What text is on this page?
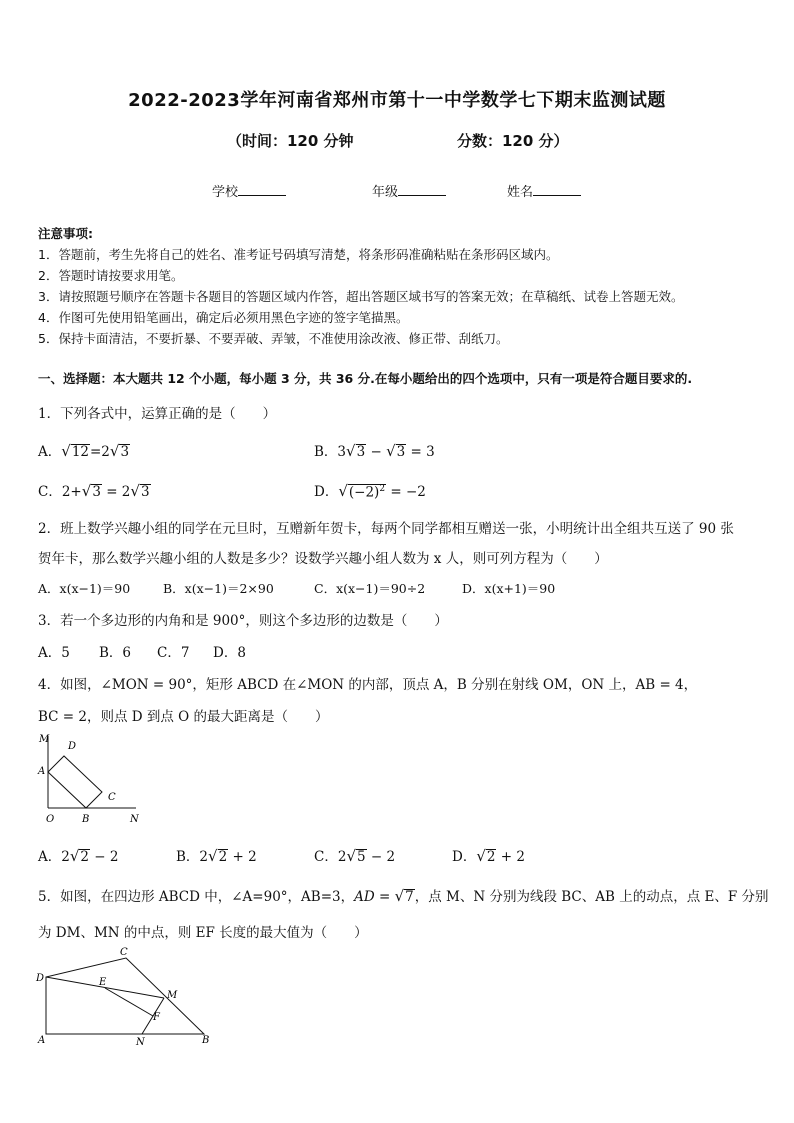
2022-2023学年河南省郑州市第十一中学数学七下期末监测试题
（时间：120 分钟	分数：120 分）
学校	年级	姓名
注意事项:
1．答题前，考生先将自己的姓名、准考证号码填写清楚，将条形码准确粘贴在条形码区域内。
2．答题时请按要求用笔。
3．请按照题号顺序在答题卡各题目的答题区域内作答，超出答题区域书写的答案无效；在草稿纸、试卷上答题无效。
4．作图可先使用铅笔画出，确定后必须用黑色字迹的签字笔描黑。
5．保持卡面清洁，不要折暴、不要弄破、弄皱，不准使用涂改液、修正带、刮纸刀。
一、选择题：本大题共 12 个小题，每小题 3 分，共 36 分.在每小题给出的四个选项中，只有一项是符合题目要求的.
1．下列各式中，运算正确的是（　　）
A．√12=2√3	B．3√3 − √3 = 3
C．2+√3 = 2√3	D．$√(-2)^2 = -2$
2．班上数学兴趣小组的同学在元旦时，互赠新年贺卡，每两个同学都相互赠送一张，小明统计出全组共互送了 90 张
贺年卡，那么数学兴趣小组的人数是多少？设数学兴趣小组人数为 x 人，则可列方程为（　　）
A．x(x−1)＝90	B．x(x−1)＝2×90	C．x(x−1)＝90÷2	D．x(x+1)＝90
3．若一个多边形的内角和是 900°，则这个多边形的边数是（　　）
A．5 B．6 C．7 D．8
4．如图，∠MON = 90°，矩形 ABCD 在∠MON 的内部，顶点 A，B 分别在射线 OM，ON 上，AB = 4，
BC = 2，则点 D 到点 O 的最大距离是（　　）
M
D
A
C
O	B	N
A．2√2 − 2	B．2√2 + 2	C．2√5 − 2	D．√2 + 2
5．如图，在四边形 ABCD 中，∠A=90°，AB=3，AD = √7，点 M、N 分别为线段 BC、AB 上的动点，点 E、F 分别
为 DM、MN 的中点，则 EF 长度的最大值为（　　）
C
D	E
M
F
A	N	B
